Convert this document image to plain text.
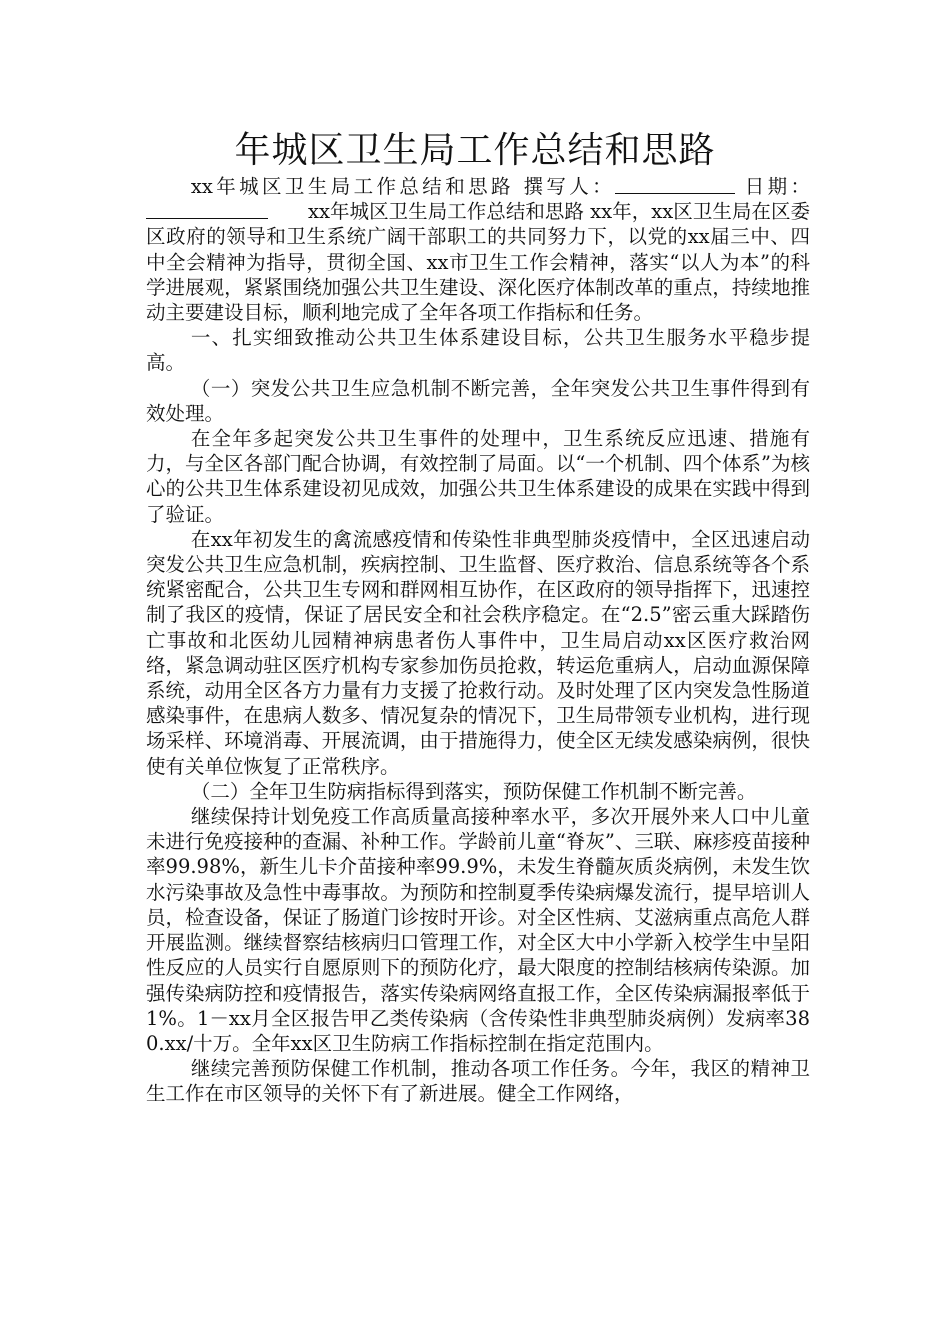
年城区卫生局工作总结和思路

xx年城区卫生局工作总结和思路 撰写人：	日期：xx年城区卫生局工作总结和思路 xx年，xx区卫生局在区委区政府的领导和卫生系统广阔干部职工的共同努力下，以党的xx届三中、四中全会精神为指导，贯彻全国、xx市卫生工作会精神，落实“以人为本”的科学进展观，紧紧围绕加强公共卫生建设、深化医疗体制改革的重点，持续地推动主要建设目标，顺利地完成了全年各项工作指标和任务。

一、扎实细致推动公共卫生体系建设目标，公共卫生服务水平稳步提高。

（一）突发公共卫生应急机制不断完善，全年突发公共卫生事件得到有效处理。

在全年多起突发公共卫生事件的处理中，卫生系统反应迅速、措施有力，与全区各部门配合协调，有效控制了局面。以“一个机制、四个体系”为核心的公共卫生体系建设初见成效，加强公共卫生体系建设的成果在实践中得到了验证。

在xx年初发生的禽流感疫情和传染性非典型肺炎疫情中，全区迅速启动突发公共卫生应急机制，疾病控制、卫生监督、医疗救治、信息系统等各个系统紧密配合，公共卫生专网和群网相互协作，在区政府的领导指挥下，迅速控制了我区的疫情，保证了居民安全和社会秩序稳定。在“2.5”密云重大踩踏伤亡事故和北医幼儿园精神病患者伤人事件中，卫生局启动xx区医疗救治网络，紧急调动驻区医疗机构专家参加伤员抢救，转运危重病人，启动血源保障系统，动用全区各方力量有力支援了抢救行动。及时处理了区内突发急性肠道感染事件，在患病人数多、情况复杂的情况下，卫生局带领专业机构，进行现场采样、环境消毒、开展流调，由于措施得力，使全区无续发感染病例，很快使有关单位恢复了正常秩序。

（二）全年卫生防病指标得到落实，预防保健工作机制不断完善。

继续保持计划免疫工作高质量高接种率水平，多次开展外来人口中儿童未进行免疫接种的查漏、补种工作。学龄前儿童“脊灰”、三联、麻疹疫苗接种率99.98%，新生儿卡介苗接种率99.9%，未发生脊髓灰质炎病例，未发生饮水污染事故及急性中毒事故。为预防和控制夏季传染病爆发流行，提早培训人员，检查设备，保证了肠道门诊按时开诊。对全区性病、艾滋病重点高危人群开展监测。继续督察结核病归口管理工作，对全区大中小学新入校学生中呈阳性反应的人员实行自愿原则下的预防化疗，最大限度的控制结核病传染源。加强传染病防控和疫情报告，落实传染病网络直报工作，全区传染病漏报率低于1%。1－xx月全区报告甲乙类传染病（含传染性非典型肺炎病例）发病率380.xx/十万。全年xx区卫生防病工作指标控制在指定范围内。

继续完善预防保健工作机制，推动各项工作任务。今年，我区的精神卫生工作在市区领导的关怀下有了新进展。健全工作网络，
